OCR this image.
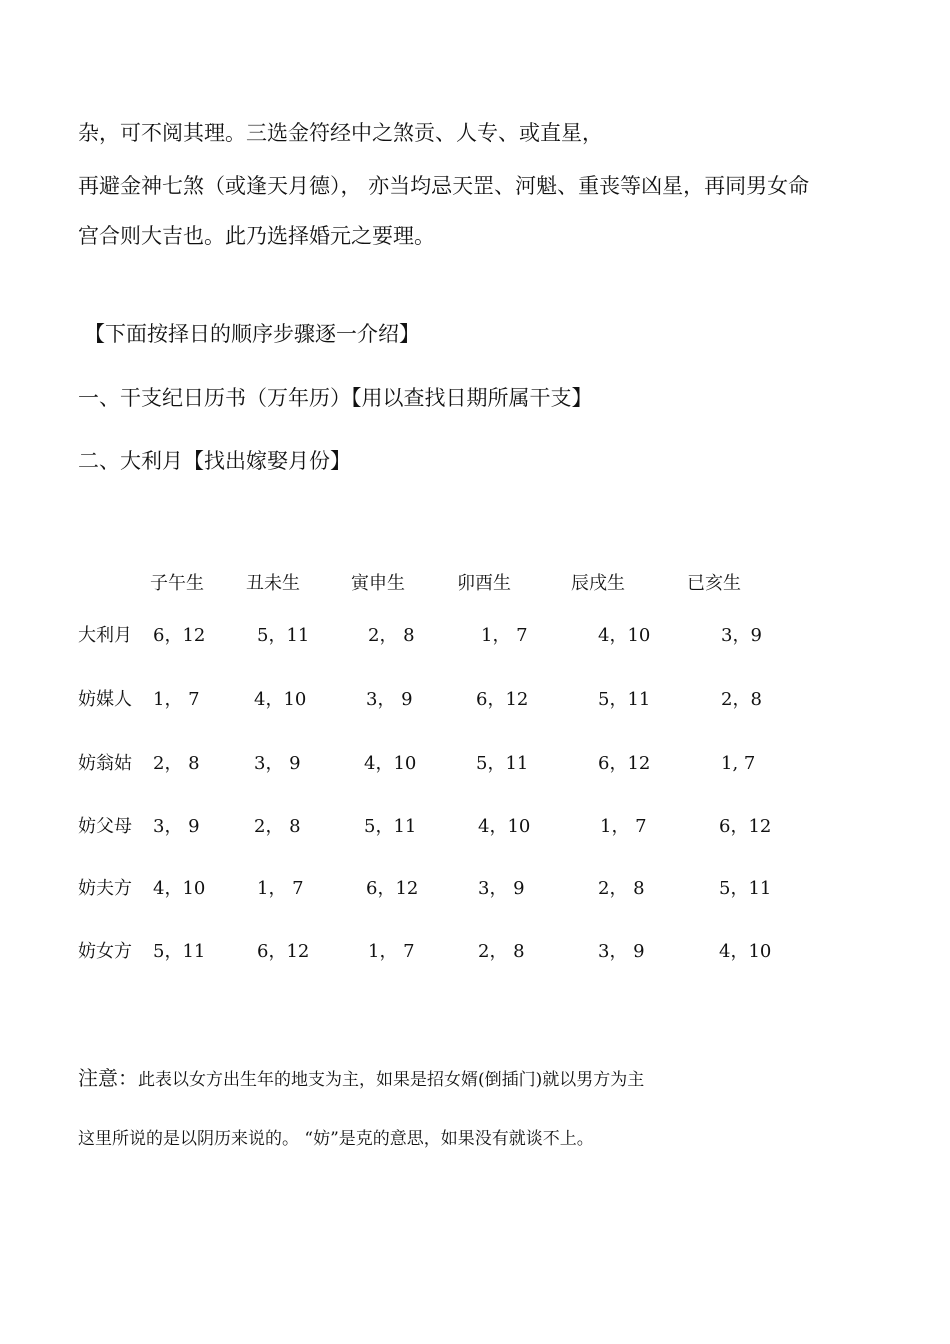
杂，可不阅其理。三选金符经中之煞贡、人专、或直星，
再避金神七煞（或逢天月德）， 亦当均忌天罡、河魁、重丧等凶星，再同男女命
宫合则大吉也。此乃选择婚元之要理。
【下面按择日的顺序步骤逐一介绍】
一、干支纪日历书（万年历）【用以查找日期所属干支】
二、大利月【找出嫁娶月份】
子午生 丑未生	寅申生	卯酉生	辰戌生	已亥生
大利月 6，12	5，11	2， 8	1， 7	4，10	3，9
妨媒人 1， 7	4，10	3， 9	6，12	5，11	2，8
妨翁姑 2， 8	3， 9	4，10	5，11	6，12	1, 7
妨父母 3， 9	2， 8	5，11	4，10	1， 7	6，12
妨夫方 4，10	1， 7	6，12	3， 9	2， 8	5，11
妨女方 5，11	6，12	1， 7	2， 8	3， 9	4，10
注意：此表以女方出生年的地支为主，如果是招女婿(倒插门)就以男方为主
这里所说的是以阴历来说的。 “妨”是克的意思，如果没有就谈不上。
